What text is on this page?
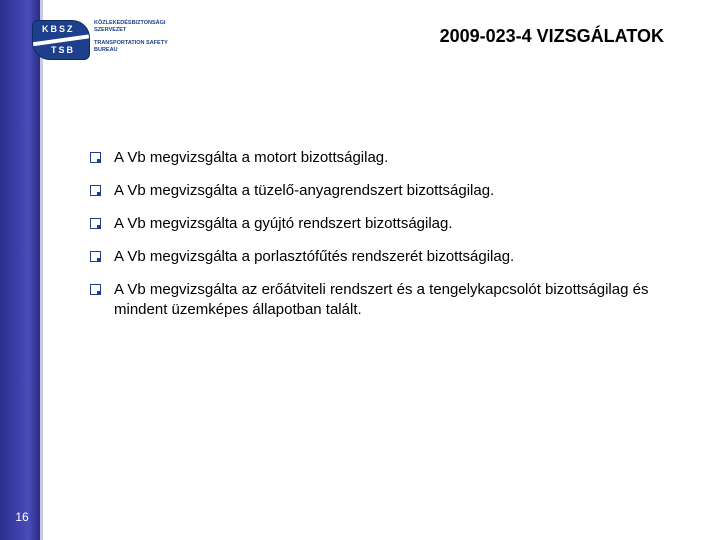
16
KBSZ
TSB
KÖZLEKEDÉSBIZTONSÁGI
SZERVEZET
TRANSPORTATION SAFETY
BUREAU
2009-023-4 VIZSGÁLATOK
A Vb megvizsgálta a motort bizottságilag.
A Vb megvizsgálta a tüzelő-anyagrendszert bizottságilag.
A Vb megvizsgálta a gyújtó rendszert bizottságilag.
A Vb megvizsgálta a porlasztófűtés rendszerét bizottságilag.
A Vb megvizsgálta az erőátviteli rendszert és a tengelykapcsolót bizottságilag és mindent üzemképes állapotban talált.
